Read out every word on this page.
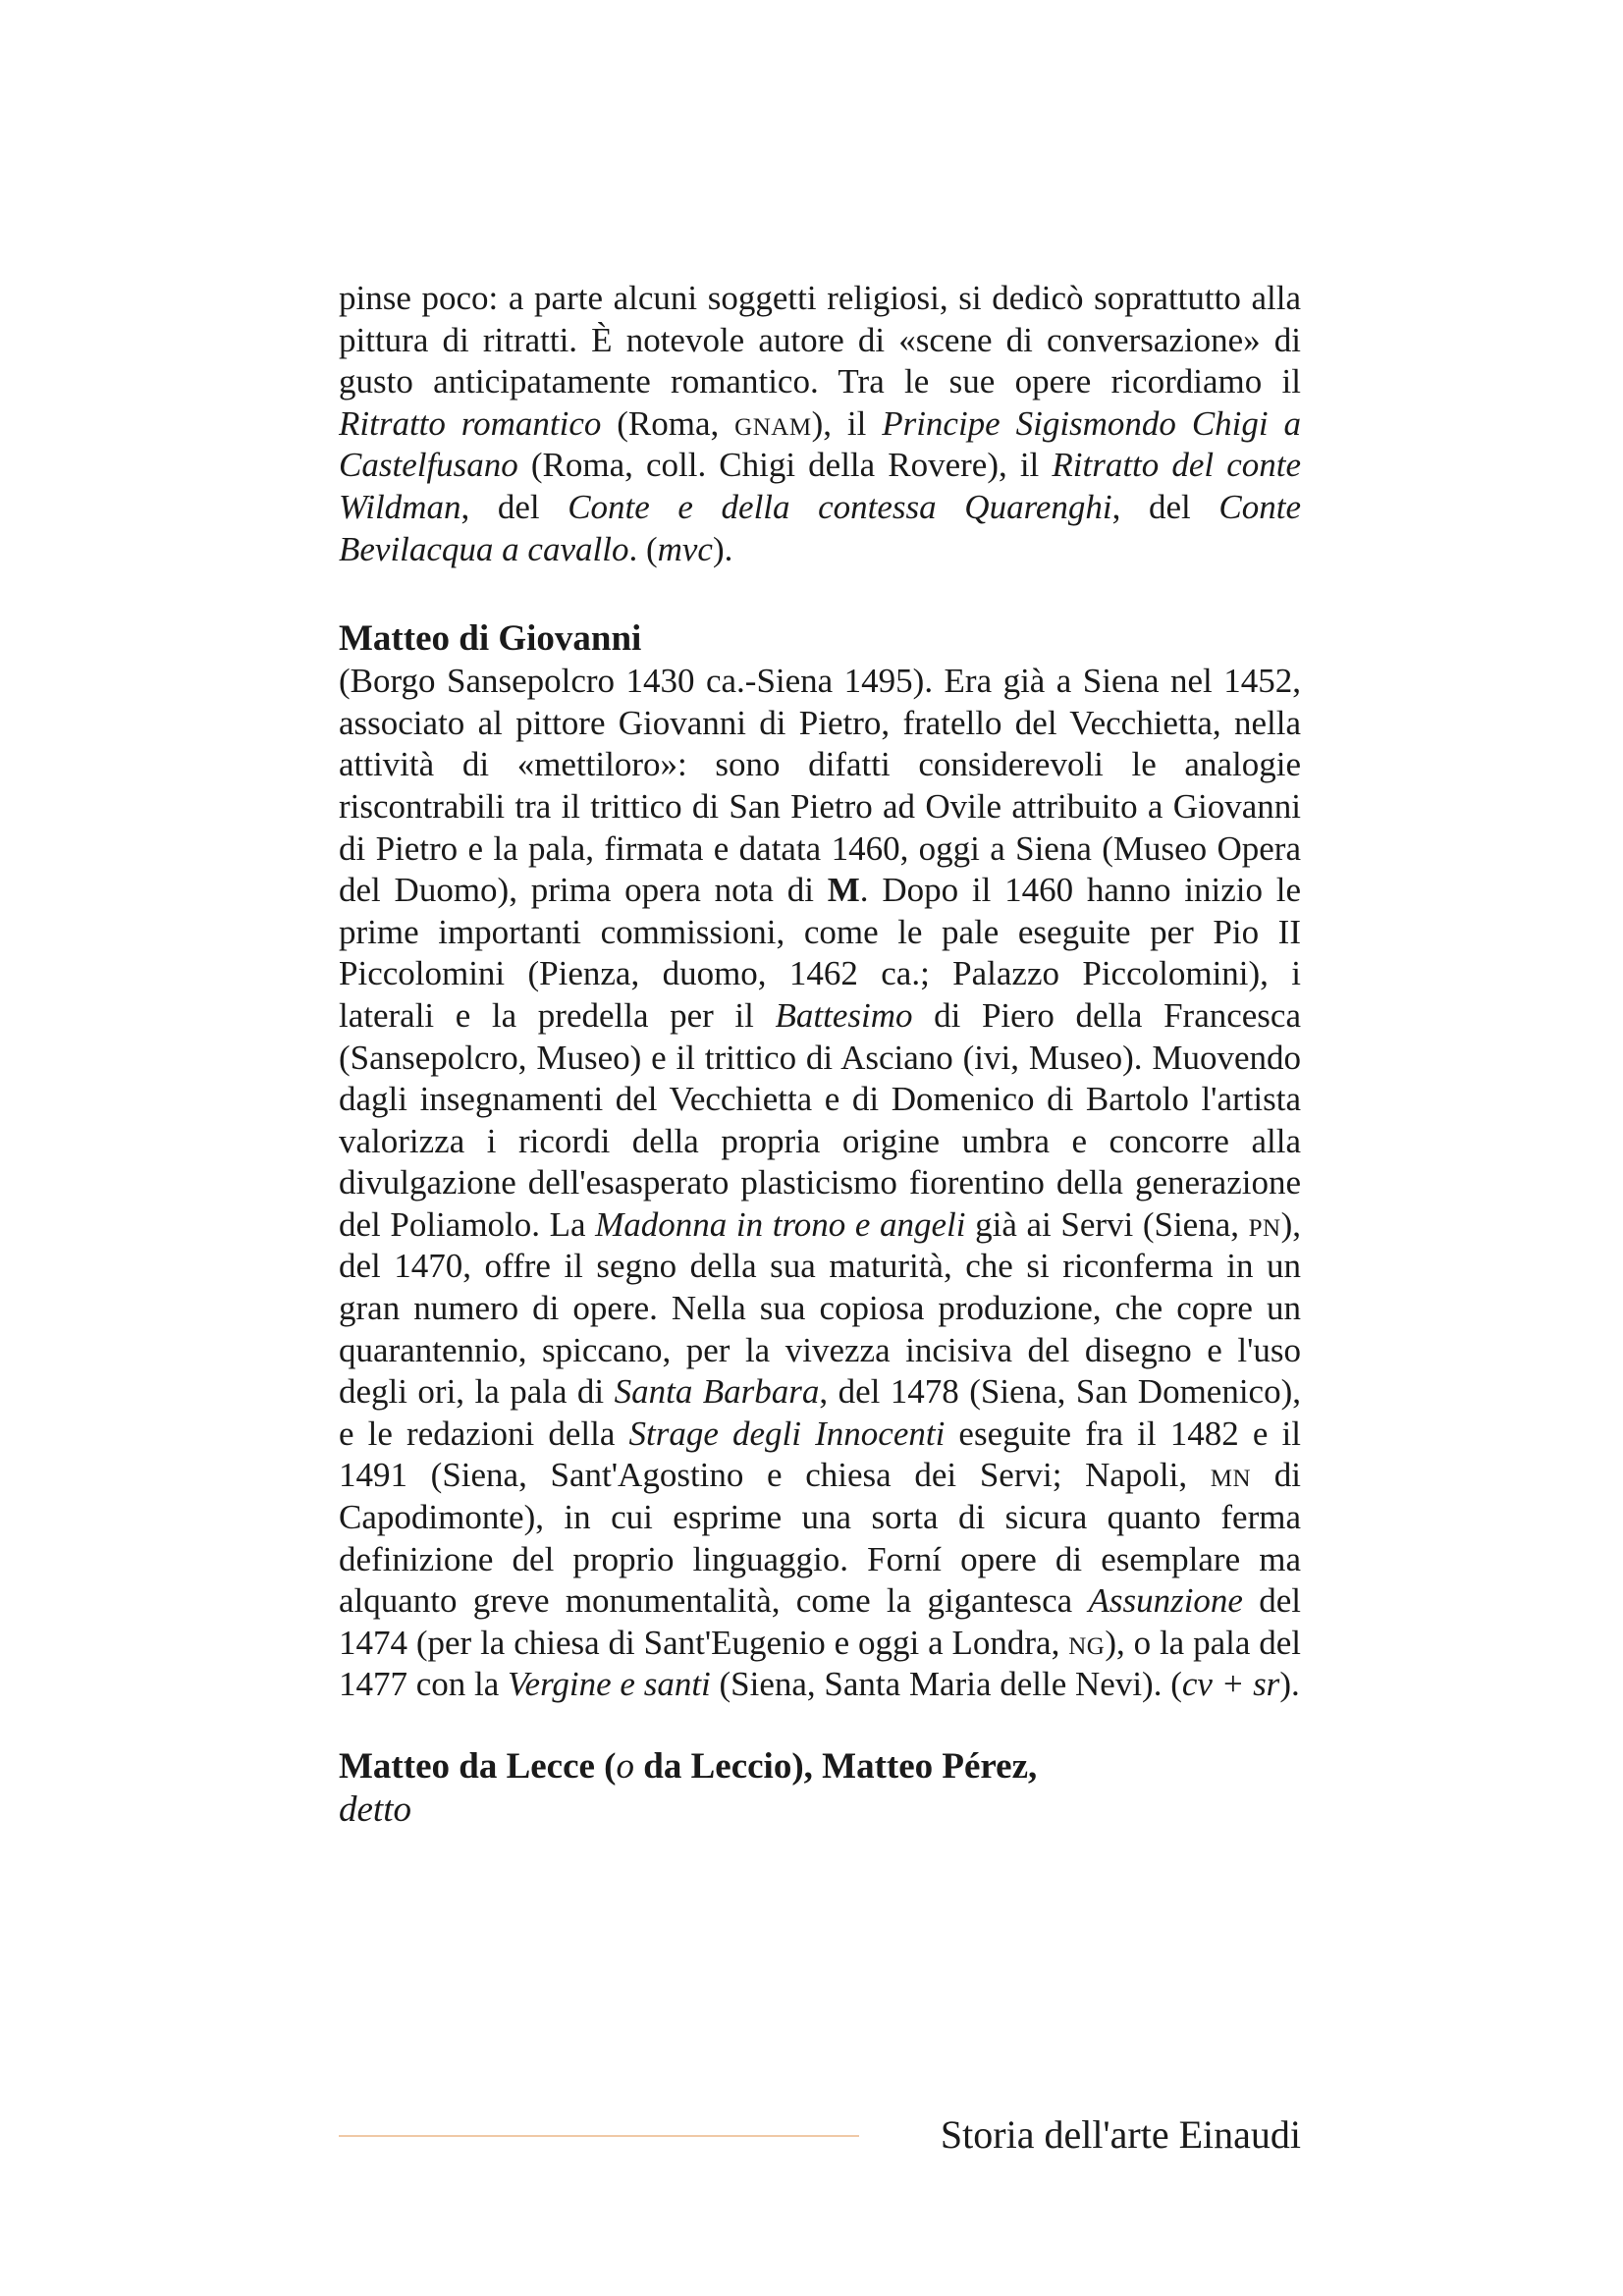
pinse poco: a parte alcuni soggetti religiosi, si dedicò soprattutto alla pittura di ritratti. È notevole autore di «scene di conversazione» di gusto anticipatamente romantico. Tra le sue opere ricordiamo il Ritratto romantico (Roma, gnam), il Principe Sigismondo Chigi a Castelfusano (Roma, coll. Chigi della Rovere), il Ritratto del conte Wildman, del Conte e della contessa Quarenghi, del Conte Bevilacqua a cavallo. (mvc).

Matteo di Giovanni

(Borgo Sansepolcro 1430 ca.-Siena 1495). Era già a Siena nel 1452, associato al pittore Giovanni di Pietro, fratello del Vecchietta, nella attività di «mettiloro»: sono difatti considerevoli le analogie riscontrabili tra il trittico di San Pietro ad Ovile attribuito a Giovanni di Pietro e la pala, firmata e datata 1460, oggi a Siena (Museo Opera del Duomo), prima opera nota di M. Dopo il 1460 hanno inizio le prime importanti commissioni, come le pale eseguite per Pio II Piccolomini (Pienza, duomo, 1462 ca.; Palazzo Piccolomini), i laterali e la predella per il Battesimo di Piero della Francesca (Sansepolcro, Museo) e il trittico di Asciano (ivi, Museo). Muovendo dagli insegnamenti del Vecchietta e di Domenico di Bartolo l'artista valorizza i ricordi della propria origine umbra e concorre alla divulgazione dell'esasperato plasticismo fiorentino della generazione del Poliamolo. La Madonna in trono e angeli già ai Servi (Siena, pn), del 1470, offre il segno della sua maturità, che si riconferma in un gran numero di opere. Nella sua copiosa produzione, che copre un quarantennio, spiccano, per la vivezza incisiva del disegno e l'uso degli ori, la pala di Santa Barbara, del 1478 (Siena, San Domenico), e le redazioni della Strage degli Innocenti eseguite fra il 1482 e il 1491 (Siena, Sant'Agostino e chiesa dei Servi; Napoli, mn di Capodimonte), in cui esprime una sorta di sicura quanto ferma definizione del proprio linguaggio. Forní opere di esemplare ma alquanto greve monumentalità, come la gigantesca Assunzione del 1474 (per la chiesa di Sant'Eugenio e oggi a Londra, ng), o la pala del 1477 con la Vergine e santi (Siena, Santa Maria delle Nevi). (cv + sr).

Matteo da Lecce (o da Leccio), Matteo Pérez,
detto
Storia dell'arte Einaudi
